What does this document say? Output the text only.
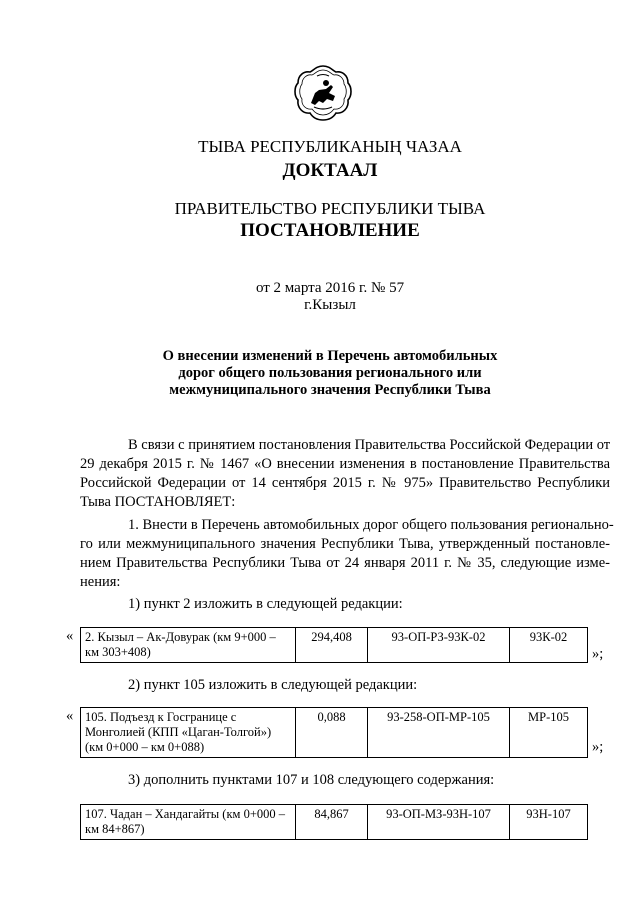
ТЫВА РЕСПУБЛИКАНЫҢ ЧАЗАА
ДОКТААЛ
ПРАВИТЕЛЬСТВО РЕСПУБЛИКИ ТЫВА
ПОСТАНОВЛЕНИЕ
от 2 марта 2016 г. № 57
г.Кызыл
О внесении изменений в Перечень автомобильных
дорог общего пользования регионального или
межмуниципального значения Республики Тыва
В связи с принятием постановления Правительства Российской Федерации от
29 декабря 2015 г. № 1467 «О внесении изменения в постановление Правительства
Российской Федерации от 14 сентября 2015 г. № 975» Правительство Республики
Тыва ПОСТАНОВЛЯЕТ:
1. Внести в Перечень автомобильных дорог общего пользования регионально-
го или межмуниципального значения Республики Тыва, утвержденный постановле-
нием Правительства Республики Тыва от 24 января 2011 г. № 35, следующие изме-
нения:
1) пункт 2 изложить в следующей редакции:
« 2. Кызыл – Ак-Довурак (км 9+000 – км 303+408)	294,408	93-ОП-РЗ-93К-02	93К-02
»;
2) пункт 105 изложить в следующей редакции:
« 105. Подъезд к Госгранице с Монголией (КПП «Цаган-Толгой») (км 0+000 – км 0+088)	0,088	93-258-ОП-МР-105	МР-105
»;
3) дополнить пунктами 107 и 108 следующего содержания:
107. Чадан – Хандагайты (км 0+000 – км 84+867)	84,867	93-ОП-МЗ-93Н-107	93Н-107
